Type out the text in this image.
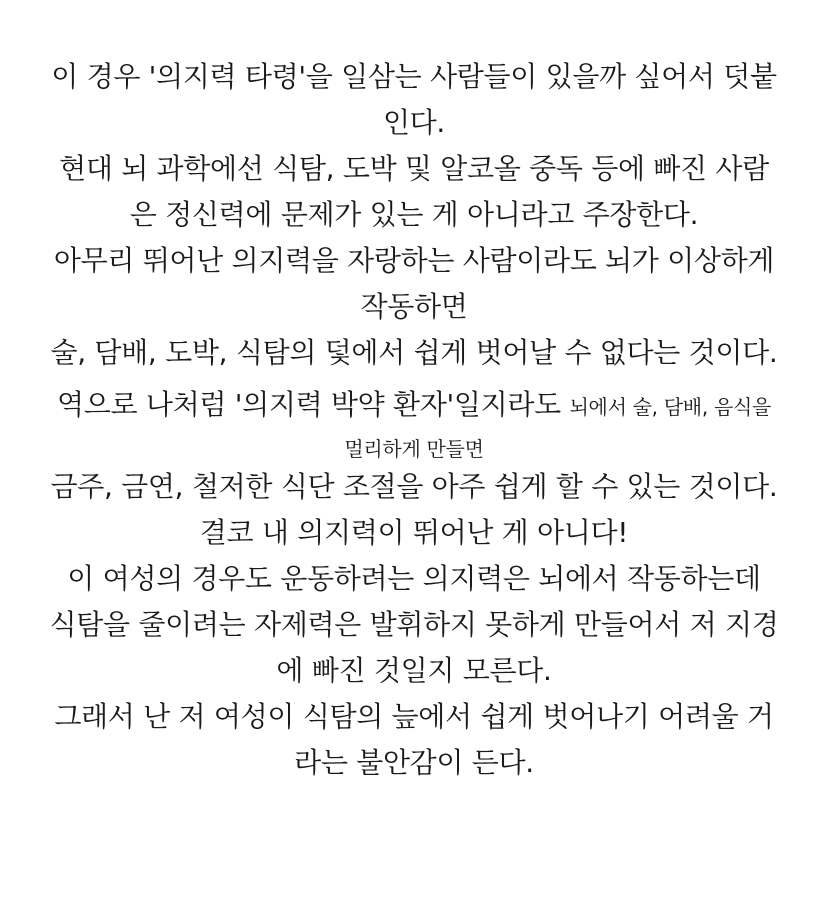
이 경우 '의지력 타령'을 일삼는 사람들이 있을까 싶어서 덧붙
인다.
현대 뇌 과학에선 식탐, 도박 및 알코올 중독 등에 빠진 사람
은 정신력에 문제가 있는 게 아니라고 주장한다.
아무리 뛰어난 의지력을 자랑하는 사람이라도 뇌가 이상하게
작동하면
술, 담배, 도박, 식탐의 덫에서 쉽게 벗어날 수 없다는 것이다.
역으로 나처럼 '의지력 박약 환자'일지라도 뇌에서 술, 담배, 음식을
멀리하게 만들면
금주, 금연, 철저한 식단 조절을 아주 쉽게 할 수 있는 것이다.
결코 내 의지력이 뛰어난 게 아니다!
이 여성의 경우도 운동하려는 의지력은 뇌에서 작동하는데
식탐을 줄이려는 자제력은 발휘하지 못하게 만들어서 저 지경
에 빠진 것일지 모른다.
그래서 난 저 여성이 식탐의 늪에서 쉽게 벗어나기 어려울 거
라는 불안감이 든다.
